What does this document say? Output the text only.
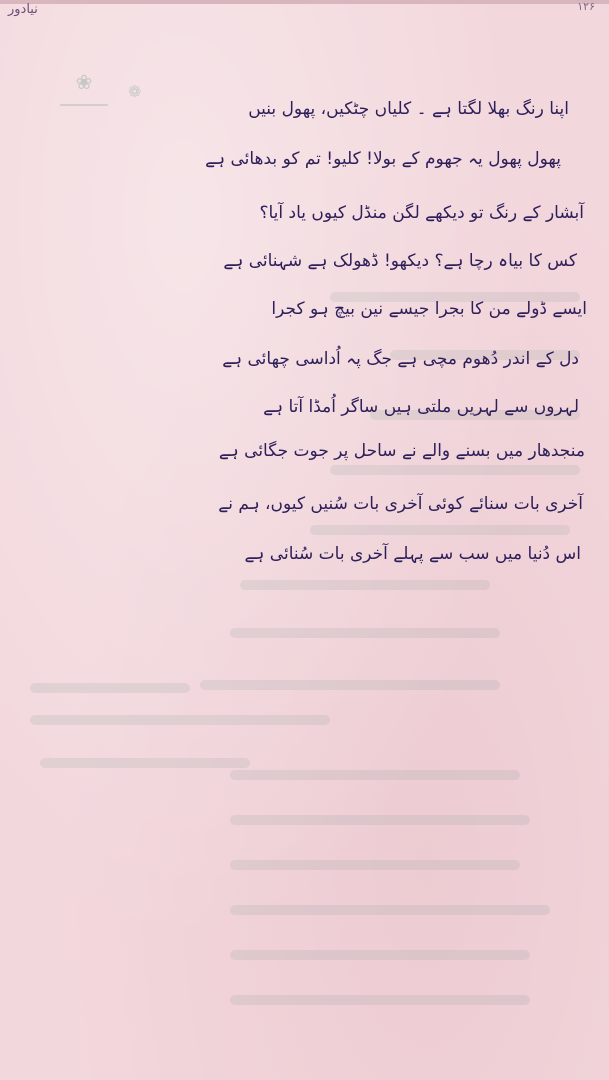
نیادور	۱۲۶
❀	❁
اپنا رنگ بھلا لگتا ہے ۔ کلیاں چٹکیں، پھول بنیں
پھول پھول یہ جھوم کے بولا! کلیو! تم کو بدھائی ہے
آبشار کے رنگ تو دیکھے لگن منڈل کیوں یاد آیا؟
کس کا بیاہ رچا ہے؟ دیکھو! ڈھولک ہے شہنائی ہے
ایسے ڈولے من کا بجرا جیسے نین بیچ ہو کجرا
دل کے اندر دُھوم مچی ہے جگ پہ اُداسی چھائی ہے
لہروں سے لہریں ملتی ہیں ساگر اُمڈا آتا ہے
منجدھار میں بسنے والے نے ساحل پر جوت جگائی ہے
آخری بات سنائے کوئی آخری بات سُنیں کیوں، ہم نے
اس دُنیا میں سب سے پہلے آخری بات سُنائی ہے
